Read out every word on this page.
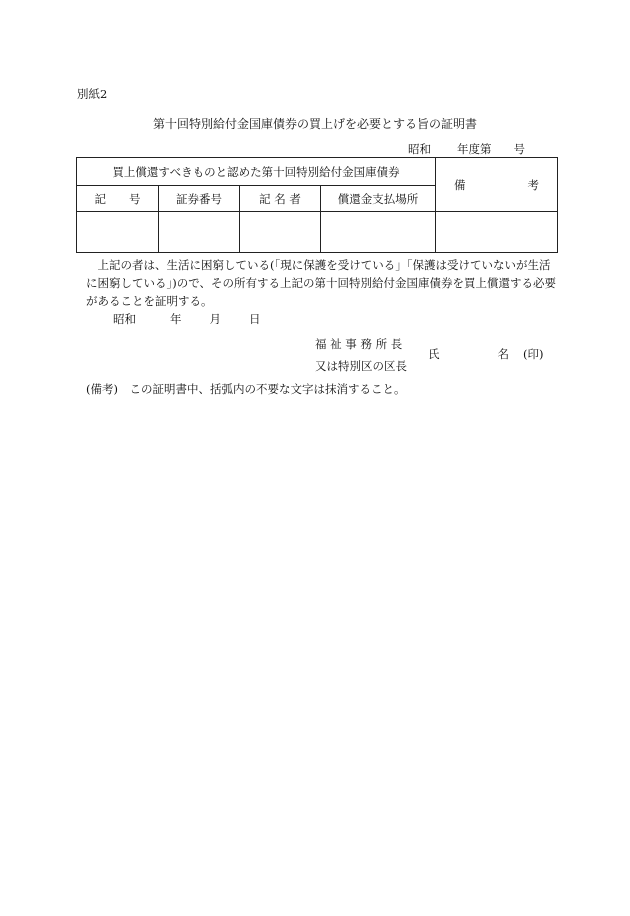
別紙2
第十回特別給付金国庫債券の買上げを必要とする旨の証明書
昭和 年度第 号
買上償還すべきものと認めた第十回特別給付金国庫債券				備 考

記　　号	証券番号	記 名 者	償還金支払場所	

上記の者は、生活に困窮している(「現に保護を受けている」「保護は受けていないが生活に困窮している」)ので、その所有する上記の第十回特別給付金国庫債券を買上償還する必要があることを証明する。

昭和	年 月 日
福 祉 事 務 所 長
又は特別区の区長
氏	名 (印)
(備考)　この証明書中、括弧内の不要な文字は抹消すること。
